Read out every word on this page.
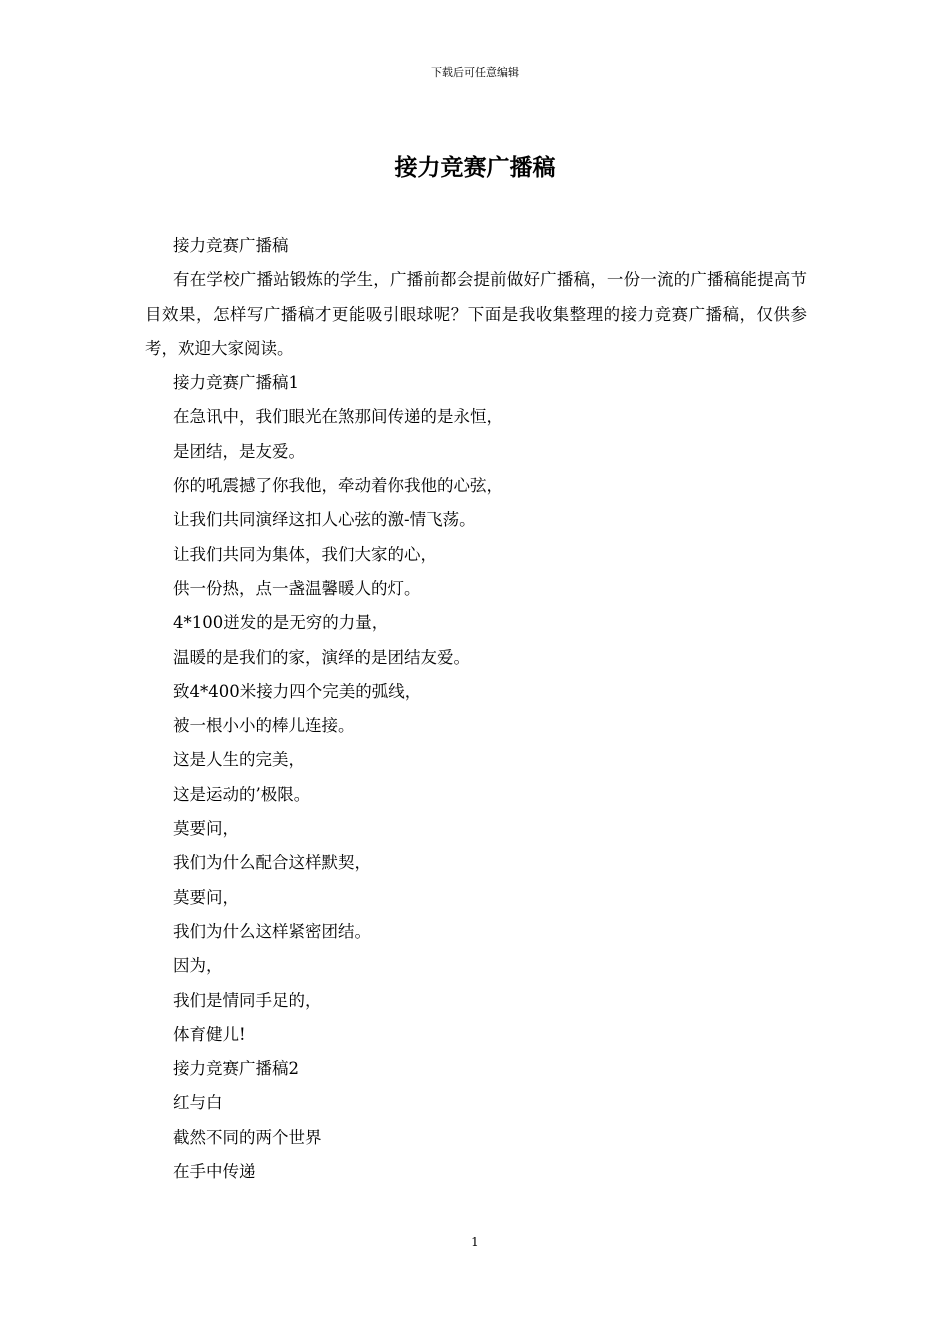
下载后可任意编辑
接力竞赛广播稿

接力竞赛广播稿

有在学校广播站锻炼的学生，广播前都会提前做好广播稿，一份一流的广播稿能提高节目效果，怎样写广播稿才更能吸引眼球呢？下面是我收集整理的接力竞赛广播稿，仅供参考，欢迎大家阅读。

接力竞赛广播稿1

在急讯中，我们眼光在煞那间传递的是永恒，

是团结，是友爱。

你的吼震撼了你我他，牵动着你我他的心弦，

让我们共同演绎这扣人心弦的激-情飞荡。

让我们共同为集体，我们大家的心，

供一份热，点一盏温馨暖人的灯。

4*100迸发的是无穷的力量，

温暖的是我们的家，演绎的是团结友爱。

致4*400米接力四个完美的弧线，

被一根小小的棒儿连接。

这是人生的完美，

这是运动的’极限。

莫要问，

我们为什么配合这样默契，

莫要问，

我们为什么这样紧密团结。

因为，

我们是情同手足的，

体育健儿!

接力竞赛广播稿2

红与白

截然不同的两个世界

在手中传递

1
